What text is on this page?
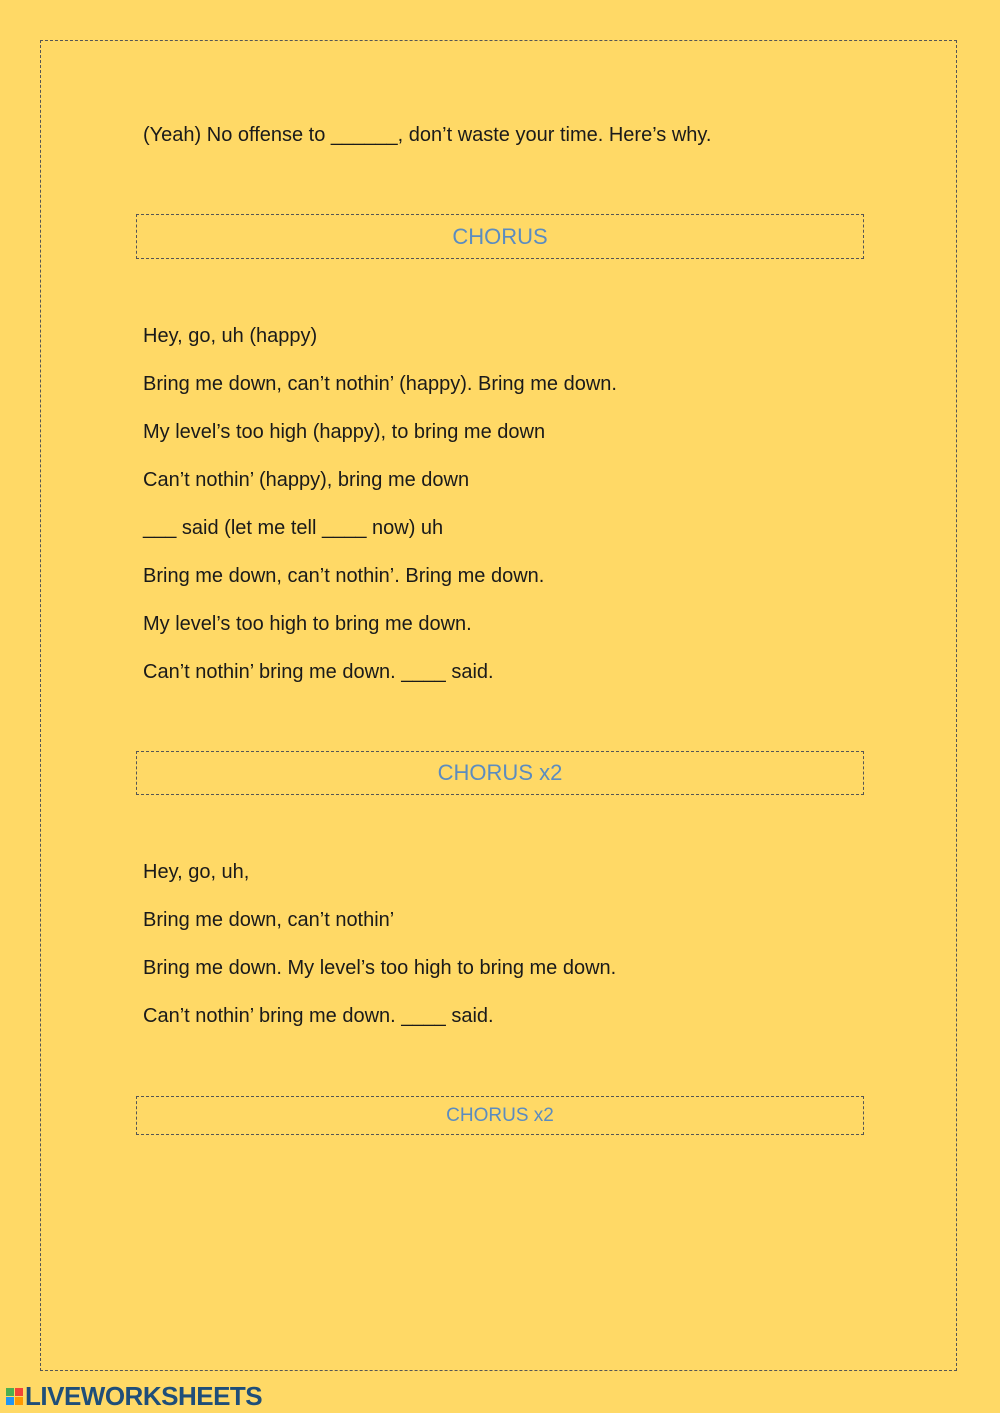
(Yeah) No offense to ______, don’t waste your time. Here’s why.
CHORUS
Hey, go, uh (happy)
Bring me down, can’t nothin’ (happy). Bring me down.
My level’s too high (happy), to bring me down
Can’t nothin’ (happy), bring me down
___ said (let me tell ____ now) uh
Bring me down, can’t nothin’. Bring me down.
My level’s too high to bring me down.
Can’t nothin’ bring me down. ____ said.
CHORUS x2
Hey, go, uh,
Bring me down, can’t nothin’
Bring me down. My level’s too high to bring me down.
Can’t nothin’ bring me down. ____ said.
CHORUS x2
LIVEWORKSHEETS
